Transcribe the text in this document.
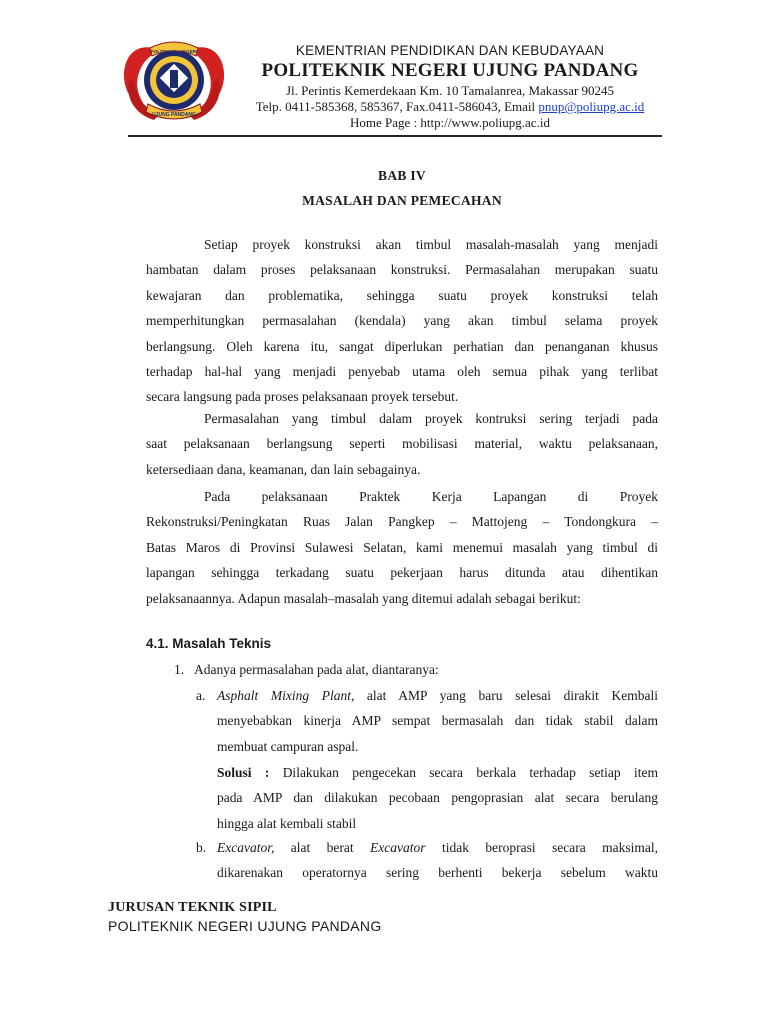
POLITEKNIK NEGERI
UJUNG PANDANG
KEMENTRIAN PENDIDIKAN DAN KEBUDAYAAN
POLITEKNIK NEGERI UJUNG PANDANG
Jl. Perintis Kemerdekaan Km. 10 Tamalanrea, Makassar 90245
Telp. 0411-585368, 585367, Fax.0411-586043, Email pnup@poliupg.ac.id
Home Page : http://www.poliupg.ac.id
BAB IV
MASALAH DAN PEMECAHAN
Setiap proyek konstruksi akan timbul masalah-masalah yang menjadi
hambatan dalam proses pelaksanaan konstruksi. Permasalahan merupakan suatu
kewajaran dan problematika, sehingga suatu proyek konstruksi telah
memperhitungkan permasalahan (kendala) yang akan timbul selama proyek
berlangsung. Oleh karena itu, sangat diperlukan perhatian dan penanganan khusus
terhadap hal-hal yang menjadi penyebab utama oleh semua pihak yang terlibat
secara langsung pada proses pelaksanaan proyek tersebut.
Permasalahan yang timbul dalam proyek kontruksi sering terjadi pada
saat pelaksanaan berlangsung seperti mobilisasi material, waktu pelaksanaan,
ketersediaan dana, keamanan, dan lain sebagainya.
Pada pelaksanaan Praktek Kerja Lapangan di Proyek
Rekonstruksi/Peningkatan Ruas Jalan Pangkep – Mattojeng – Tondongkura –
Batas Maros di Provinsi Sulawesi Selatan, kami menemui masalah yang timbul di
lapangan sehingga terkadang suatu pekerjaan harus ditunda atau dihentikan
pelaksanaannya. Adapun masalah–masalah yang ditemui adalah sebagai berikut:
4.1. Masalah Teknis
1. Adanya permasalahan pada alat, diantaranya:
a. Asphalt Mixing Plant, alat AMP yang baru selesai dirakit Kembali
menyebabkan kinerja AMP sempat bermasalah dan tidak stabil dalam
membuat campuran aspal.
Solusi : Dilakukan pengecekan secara berkala terhadap setiap item
pada AMP dan dilakukan pecobaan pengoprasian alat secara berulang
hingga alat kembali stabil
b. Excavator, alat berat Excavator tidak beroprasi secara maksimal,
dikarenakan operatornya sering berhenti bekerja sebelum waktu
JURUSAN TEKNIK SIPIL
POLITEKNIK NEGERI UJUNG PANDANG
